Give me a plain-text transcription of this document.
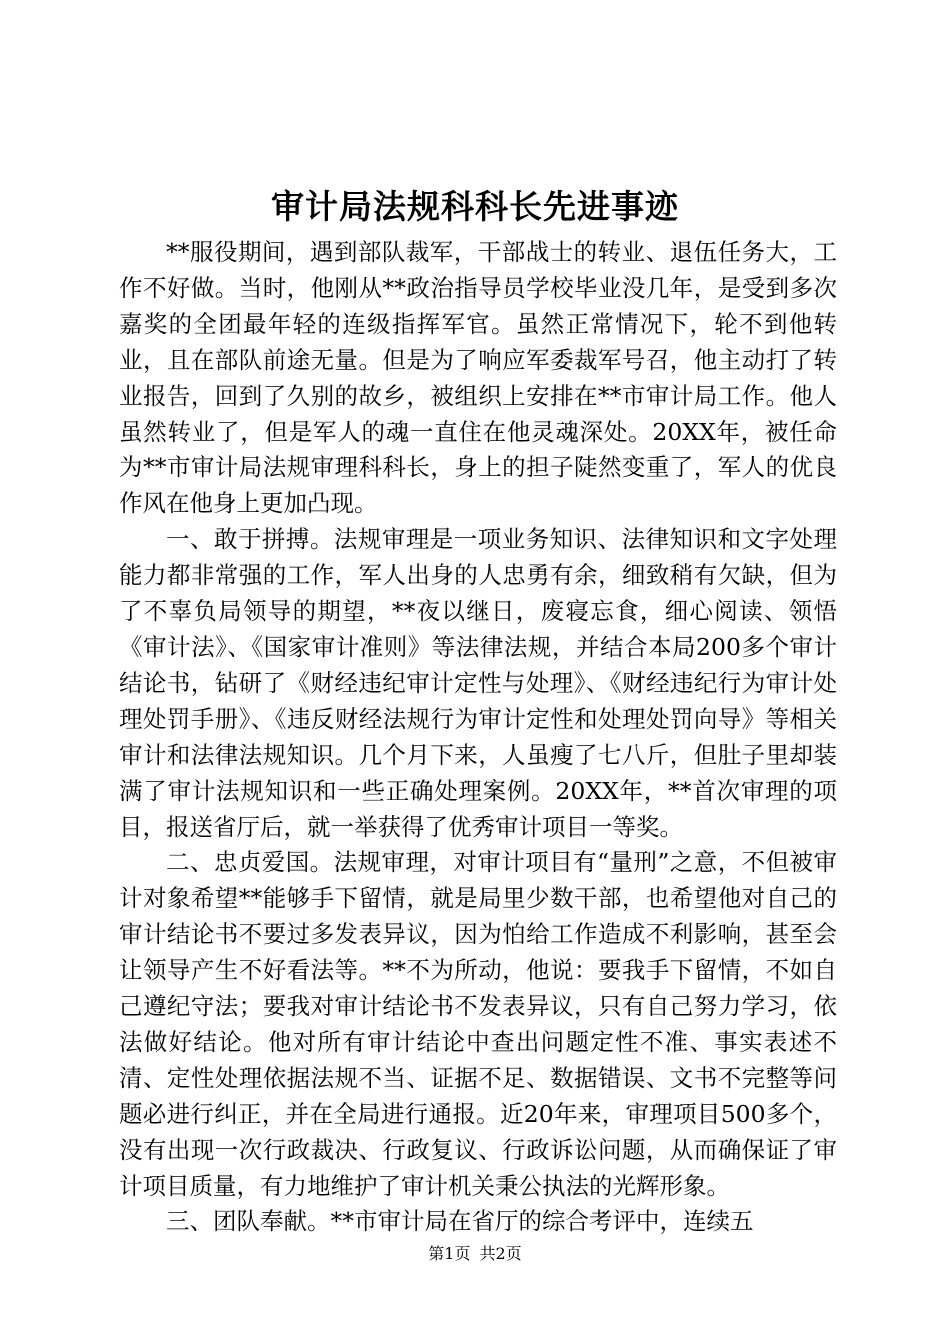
审计局法规科科长先进事迹

**服役期间，遇到部队裁军，干部战士的转业、退伍任务大，工作不好做。当时，他刚从**政治指导员学校毕业没几年，是受到多次嘉奖的全团最年轻的连级指挥军官。虽然正常情况下，轮不到他转业，且在部队前途无量。但是为了响应军委裁军号召，他主动打了转业报告，回到了久别的故乡，被组织上安排在**市审计局工作。他人虽然转业了，但是军人的魂一直住在他灵魂深处。20XX年，被任命为**市审计局法规审理科科长，身上的担子陡然变重了，军人的优良作风在他身上更加凸现。

一、敢于拼搏。法规审理是一项业务知识、法律知识和文字处理能力都非常强的工作，军人出身的人忠勇有余，细致稍有欠缺，但为了不辜负局领导的期望，**夜以继日，废寝忘食，细心阅读、领悟《审计法》、《国家审计准则》等法律法规，并结合本局200多个审计结论书，钻研了《财经违纪审计定性与处理》、《财经违纪行为审计处理处罚手册》、《违反财经法规行为审计定性和处理处罚向导》等相关审计和法律法规知识。几个月下来，人虽瘦了七八斤，但肚子里却装满了审计法规知识和一些正确处理案例。20XX年，**首次审理的项目，报送省厅后，就一举获得了优秀审计项目一等奖。

二、忠贞爱国。法规审理，对审计项目有“量刑”之意，不但被审计对象希望**能够手下留情，就是局里少数干部，也希望他对自己的审计结论书不要过多发表异议，因为怕给工作造成不利影响，甚至会让领导产生不好看法等。**不为所动，他说：要我手下留情，不如自己遵纪守法；要我对审计结论书不发表异议，只有自己努力学习，依法做好结论。他对所有审计结论中查出问题定性不准、事实表述不清、定性处理依据法规不当、证据不足、数据错误、文书不完整等问题必进行纠正，并在全局进行通报。近20年来，审理项目500多个，没有出现一次行政裁决、行政复议、行政诉讼问题，从而确保证了审计项目质量，有力地维护了审计机关秉公执法的光辉形象。

三、团队奉献。**市审计局在省厅的综合考评中，连续五

第1页 共2页
